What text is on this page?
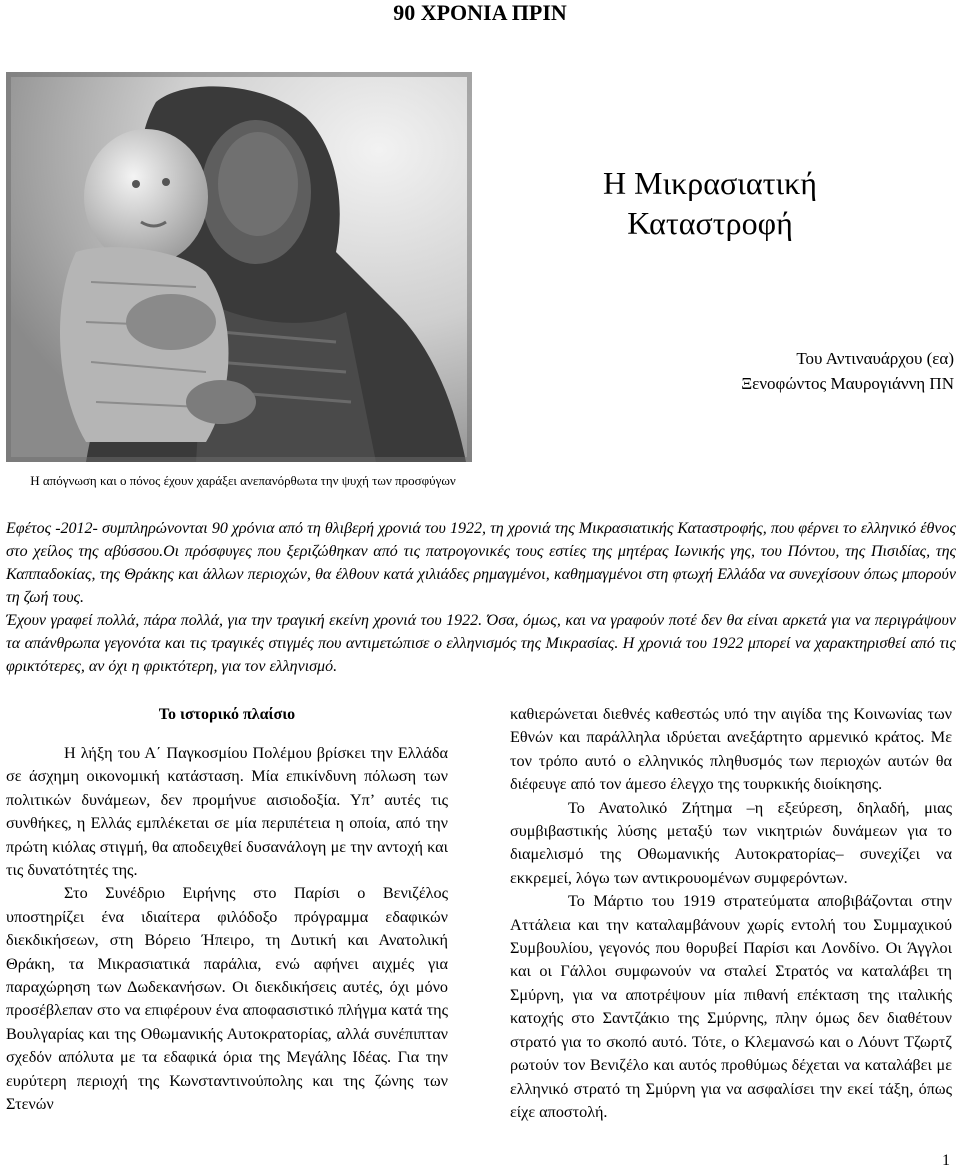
90 ΧΡΟΝΙΑ ΠΡΙΝ
Η απόγνωση και ο πόνος έχουν χαράξει ανεπανόρθωτα την ψυχή των προσφύγων
Η Μικρασιατική
Καταστροφή
Του Αντιναυάρχου (εα)
Ξενοφώντος Μαυρογιάννη ΠΝ

Εφέτος -2012- συμπληρώνονται 90 χρόνια από τη θλιβερή χρονιά του 1922, τη χρονιά της Μικρασιατικής Καταστροφής, που φέρνει το ελληνικό έθνος στο χείλος της αβύσσου.Οι πρόσφυγες που ξεριζώθηκαν από τις πατρογονικές τους εστίες της μητέρας Ιωνικής γης, του Πόντου, της Πισιδίας, της Καππαδοκίας, της Θράκης και άλλων περιοχών, θα έλθουν κατά χιλιάδες ρημαγμένοι, καθημαγμένοι στη φτωχή Ελλάδα να συνεχίσουν όπως μπορούν τη ζωή τους.

Έχουν γραφεί πολλά, πάρα πολλά, για την τραγική εκείνη χρονιά του 1922. Όσα, όμως, και να γραφούν ποτέ δεν θα είναι αρκετά για να περιγράψουν τα απάνθρωπα γεγονότα και τις τραγικές στιγμές που αντιμετώπισε ο ελληνισμός της Μικρασίας. Η χρονιά του 1922 μπορεί να χαρακτηρισθεί από τις φρικτότερες, αν όχι η φρικτότερη, για τον ελληνισμό.

Το ιστορικό πλαίσιο

Η λήξη του Α΄ Παγκοσμίου Πολέμου βρίσκει την Ελλάδα σε άσχημη οικονομική κατάσταση. Μία επικίνδυνη πόλωση των πολιτικών δυνάμεων, δεν προμήνυε αισιοδοξία. Υπ’ αυτές τις συνθήκες, η Ελλάς εμπλέκεται σε μία περιπέτεια η οποία, από την πρώτη κιόλας στιγμή, θα αποδειχθεί δυσανάλογη με την αντοχή και τις δυνατότητές της.

Στο Συνέδριο Ειρήνης στο Παρίσι ο Βενιζέλος υποστηρίζει ένα ιδιαίτερα φιλόδοξο πρόγραμμα εδαφικών διεκδικήσεων, στη Βόρειο Ήπειρο, τη Δυτική και Ανατολική Θράκη, τα Μικρασιατικά παράλια, ενώ αφήνει αιχμές για παραχώρηση των Δωδεκανήσων. Οι διεκδικήσεις αυτές, όχι μόνο προσέβλεπαν στο να επιφέρουν ένα αποφασιστικό πλήγμα κατά της Βουλγαρίας και της Οθωμανικής Αυτοκρατορίας, αλλά συνέπιπταν σχεδόν απόλυτα με τα εδαφικά όρια της Μεγάλης Ιδέας. Για την ευρύτερη περιοχή της Κωνσταντινούπολης και της ζώνης των Στενών

καθιερώνεται διεθνές καθεστώς υπό την αιγίδα της Κοινωνίας των Εθνών και παράλληλα ιδρύεται ανεξάρτητο αρμενικό κράτος. Με τον τρόπο αυτό ο ελληνικός πληθυσμός των περιοχών αυτών θα διέφευγε από τον άμεσο έλεγχο της τουρκικής διοίκησης.

Το Ανατολικό Ζήτημα –η εξεύρεση, δηλαδή, μιας συμβιβαστικής λύσης μεταξύ των νικητριών δυνάμεων για το διαμελισμό της Οθωμανικής Αυτοκρατορίας– συνεχίζει να εκκρεμεί, λόγω των αντικρουομένων συμφερόντων.

Το Μάρτιο του 1919 στρατεύματα αποβιβάζονται στην Αττάλεια και την καταλαμβάνουν χωρίς εντολή του Συμμαχικού Συμβουλίου, γεγονός που θορυβεί Παρίσι και Λονδίνο. Οι Άγγλοι και οι Γάλλοι συμφωνούν να σταλεί Στρατός να καταλάβει τη Σμύρνη, για να αποτρέψουν μία πιθανή επέκταση της ιταλικής κατοχής στο Σαντζάκιο της Σμύρνης, πλην όμως δεν διαθέτουν στρατό για το σκοπό αυτό. Τότε, ο Κλεμανσώ και ο Λόυντ Τζωρτζ ρωτούν τον Βενιζέλο και αυτός προθύμως δέχεται να καταλάβει με ελληνικό στρατό τη Σμύρνη για να ασφαλίσει την εκεί τάξη, όπως είχε αποστολή.

1
